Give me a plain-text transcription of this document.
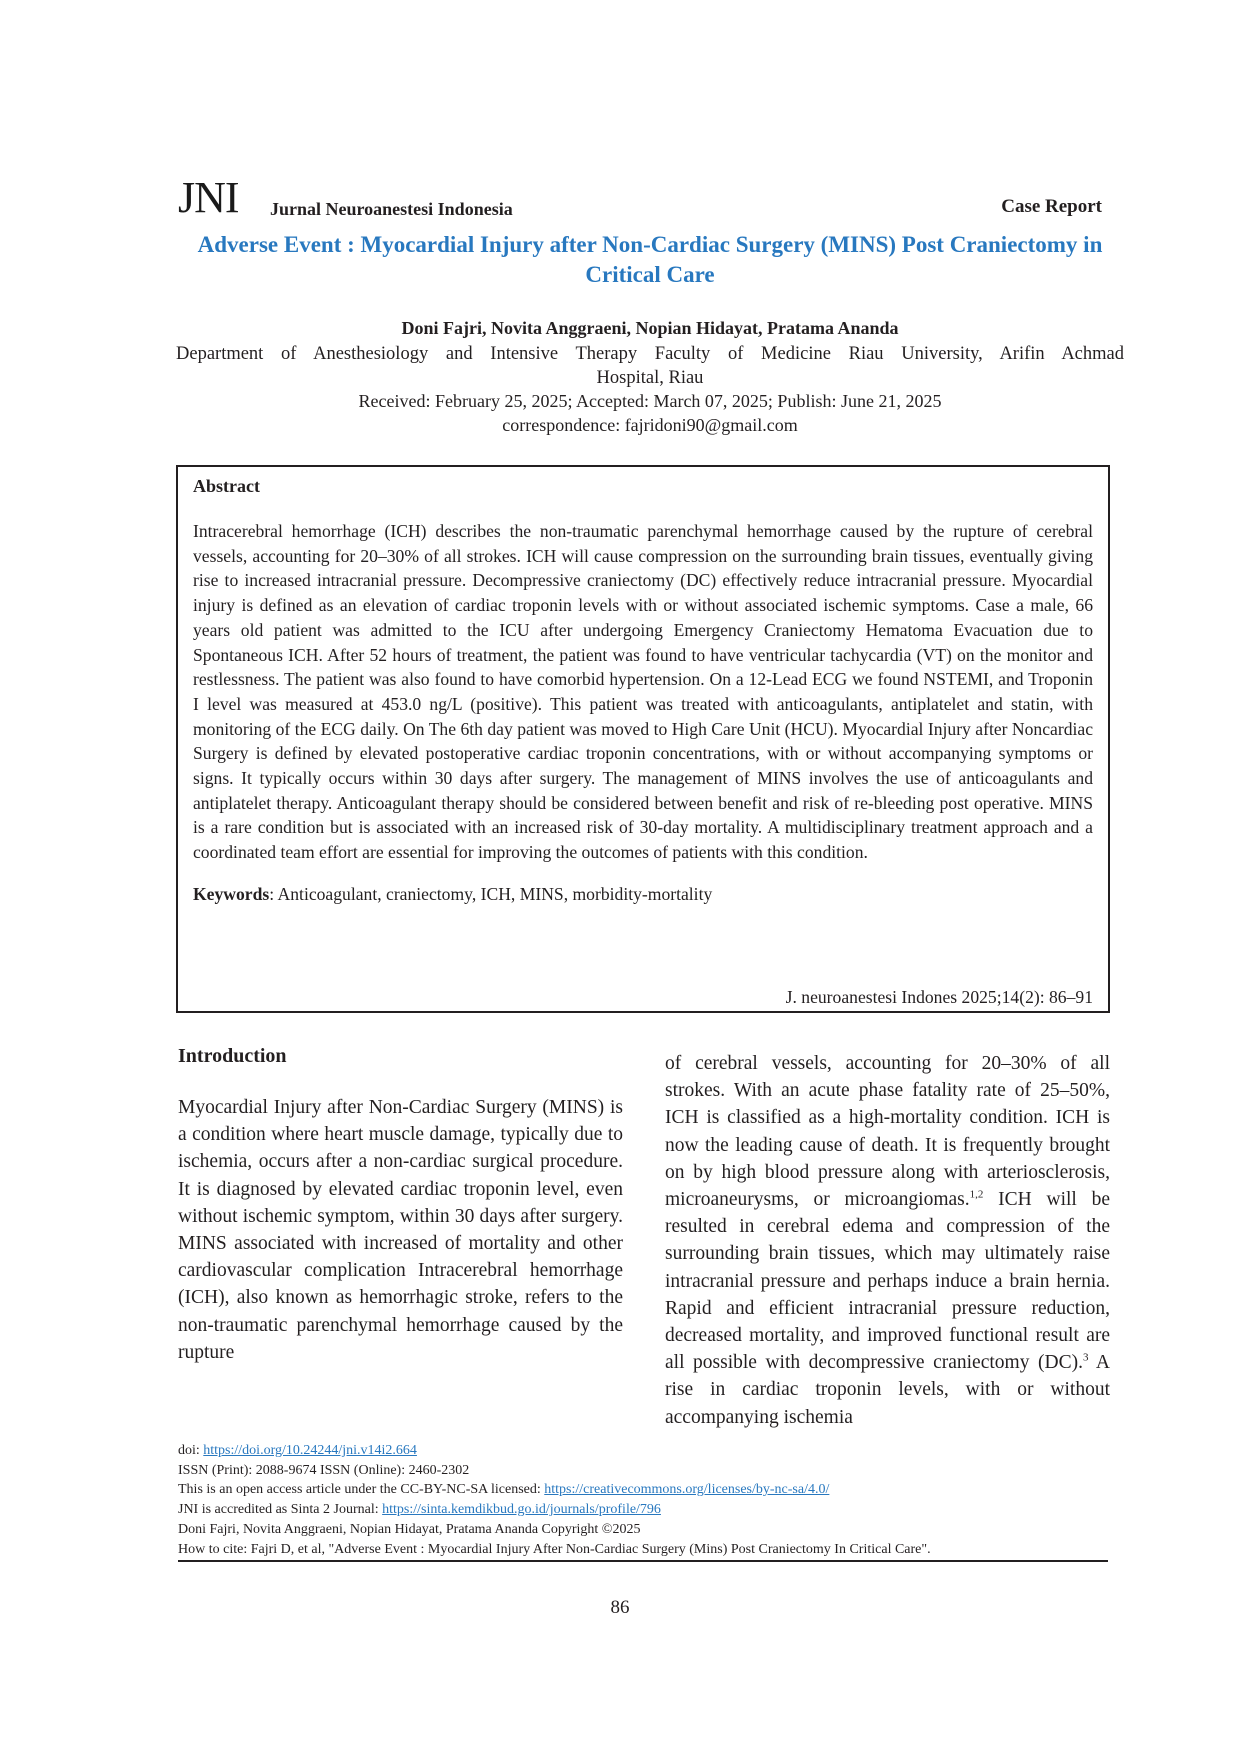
JNI Jurnal Neuroanestesi Indonesia	Case Report
Adverse Event : Myocardial Injury after Non-Cardiac Surgery (MINS) Post Craniectomy in Critical Care
Doni Fajri, Novita Anggraeni, Nopian Hidayat, Pratama Ananda
Department of Anesthesiology and Intensive Therapy Faculty of Medicine Riau University, Arifin Achmad
Hospital, Riau
Received: February 25, 2025; Accepted: March 07, 2025; Publish: June 21, 2025
correspondence: fajridoni90@gmail.com
Abstract
Intracerebral hemorrhage (ICH) describes the non-traumatic parenchymal hemorrhage caused by the rupture of cerebral vessels, accounting for 20–30% of all strokes. ICH will cause compression on the surrounding brain tissues, eventually giving rise to increased intracranial pressure. Decompressive craniectomy (DC) effectively reduce intracranial pressure. Myocardial injury is defined as an elevation of cardiac troponin levels with or without associated ischemic symptoms. Case a male, 66 years old patient was admitted to the ICU after undergoing Emergency Craniectomy Hematoma Evacuation due to Spontaneous ICH. After 52 hours of treatment, the patient was found to have ventricular tachycardia (VT) on the monitor and restlessness. The patient was also found to have comorbid hypertension. On a 12-Lead ECG we found NSTEMI, and Troponin I level was measured at 453.0 ng/L (positive). This patient was treated with anticoagulants, antiplatelet and statin, with monitoring of the ECG daily. On The 6th day patient was moved to High Care Unit (HCU). Myocardial Injury after Noncardiac Surgery is defined by elevated postoperative cardiac troponin concentrations, with or without accompanying symptoms or signs. It typically occurs within 30 days after surgery. The management of MINS involves the use of anticoagulants and antiplatelet therapy. Anticoagulant therapy should be considered between benefit and risk of re-bleeding post operative. MINS is a rare condition but is associated with an increased risk of 30-day mortality. A multidisciplinary treatment approach and a coordinated team effort are essential for improving the outcomes of patients with this condition.
Keywords: Anticoagulant, craniectomy, ICH, MINS, morbidity-mortality
J. neuroanestesi Indones 2025;14(2): 86–91
Introduction
Myocardial Injury after Non-Cardiac Surgery (MINS) is a condition where heart muscle damage, typically due to ischemia, occurs after a non-cardiac surgical procedure. It is diagnosed by elevated cardiac troponin level, even without ischemic symptom, within 30 days after surgery. MINS associated with increased of mortality and other cardiovascular complication Intracerebral hemorrhage (ICH), also known as hemorrhagic stroke, refers to the non-traumatic parenchymal hemorrhage caused by the rupture
of cerebral vessels, accounting for 20–30% of all strokes. With an acute phase fatality rate of 25–50%, ICH is classified as a high-mortality condition. ICH is now the leading cause of death. It is frequently brought on by high blood pressure along with arteriosclerosis, microaneurysms, or microangiomas.$^{1,2}$ ICH will be resulted in cerebral edema and compression of the surrounding brain tissues, which may ultimately raise intracranial pressure and perhaps induce a brain hernia. Rapid and efficient intracranial pressure reduction, decreased mortality, and improved functional result are all possible with decompressive craniectomy (DC).$^3$ A rise in cardiac troponin levels, with or without accompanying ischemia
doi: https://doi.org/10.24244/jni.v14i2.664
ISSN (Print): 2088-9674 ISSN (Online): 2460-2302
This is an open access article under the CC-BY-NC-SA licensed: https://creativecommons.org/licenses/by-nc-sa/4.0/
JNI is accredited as Sinta 2 Journal: https://sinta.kemdikbud.go.id/journals/profile/796
Doni Fajri, Novita Anggraeni, Nopian Hidayat, Pratama Ananda Copyright ©2025
How to cite: Fajri D, et al, "Adverse Event : Myocardial Injury After Non-Cardiac Surgery (Mins) Post Craniectomy In Critical Care".
86
